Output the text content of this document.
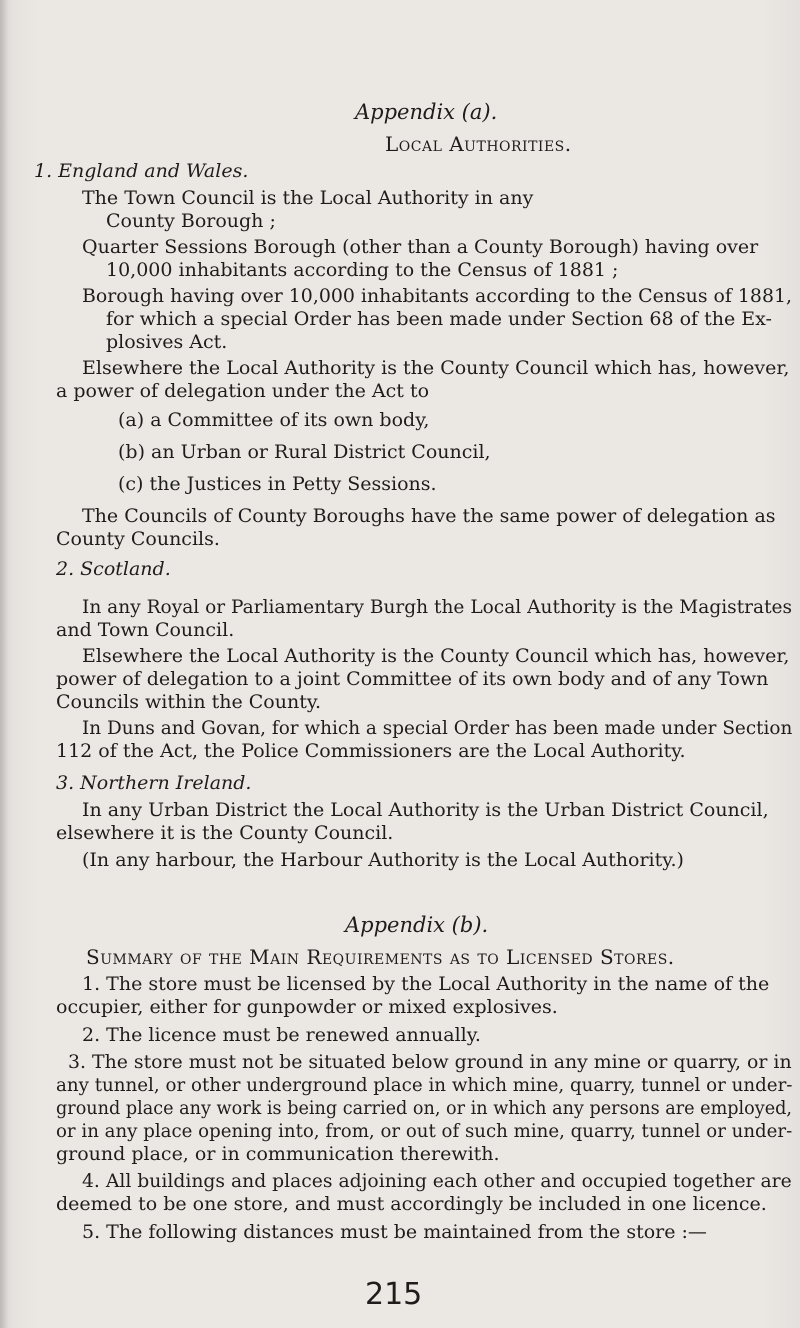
Appendix (a).
Local Authorities.
1. England and Wales.
The Town Council is the Local Authority in any
County Borough ;
Quarter Sessions Borough (other than a County Borough) having over
10,000 inhabitants according to the Census of 1881 ;
Borough having over 10,000 inhabitants according to the Census of 1881,
for which a special Order has been made under Section 68 of the Ex-
plosives Act.
Elsewhere the Local Authority is the County Council which has, however,
a power of delegation under the Act to
(a) a Committee of its own body,
(b) an Urban or Rural District Council,
(c) the Justices in Petty Sessions.
The Councils of County Boroughs have the same power of delegation as
County Councils.
2. Scotland.
In any Royal or Parliamentary Burgh the Local Authority is the Magistrates
and Town Council.
Elsewhere the Local Authority is the County Council which has, however,
power of delegation to a joint Committee of its own body and of any Town
Councils within the County.
In Duns and Govan, for which a special Order has been made under Section
112 of the Act, the Police Commissioners are the Local Authority.
3. Northern Ireland.
In any Urban District the Local Authority is the Urban District Council,
elsewhere it is the County Council.
(In any harbour, the Harbour Authority is the Local Authority.)
Appendix (b).
Summary of the Main Requirements as to Licensed Stores.
1. The store must be licensed by the Local Authority in the name of the
occupier, either for gunpowder or mixed explosives.
2. The licence must be renewed annually.
3. The store must not be situated below ground in any mine or quarry, or in
any tunnel, or other underground place in which mine, quarry, tunnel or under-
ground place any work is being carried on, or in which any persons are employed,
or in any place opening into, from, or out of such mine, quarry, tunnel or under-
ground place, or in communication therewith.
4. All buildings and places adjoining each other and occupied together are
deemed to be one store, and must accordingly be included in one licence.
5. The following distances must be maintained from the store :—
215
